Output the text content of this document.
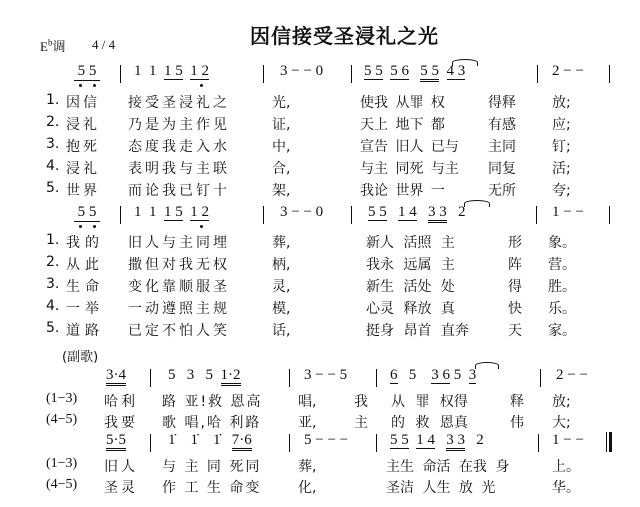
因信接受圣浸礼之光
$E^b$调 4 / 4
5 5	1  1  1 5 1 2	3 − − 0	5 5 5 6 5 5 4 3	2 − −
1. 因信 接受圣浸礼之	光,	使我 从罪 权	得释	放;
2. 浸礼 乃是为主作见	证,	天上 地下 都	有感	应;
3. 抱死 态度我走入水	中,	宣告 旧人 已与 主同	钉;
4. 浸礼 表明我与主联	合,	与主 同死 与主 同复	活;
5. 世界 而论我已钉十	架,	我论 世界 一	无所	夸;
5 5	1  1  1 5 1 2	3 − − 0	5 5 1 4 3 3   2	1 − −
1. 我的 旧人与主同埋	葬,	新人 活照 主	形 象。
2. 从此 撒但对我无权	柄,	我永 远属 主	阵 营。
3. 生命 变化靠顺服圣	灵,	新生 活处 处	得 胜。
4. 一举 一动遵照主规	模,	心灵 释放 真	快 乐。
5. 道路 已定不怕人笑	话,	挺身 昂首 直奔	天 家。
(副歌)
3·4	5   3   5  1·2	3 − − 5	6   5    3 6 5  3	2 − −
(1−3) 哈利 路 亚!救 恩高	唱,	我 从 罪 权得	释 放;
(4−5) 我要 歌 唱,哈 利路	亚,	主 的 救 恩真	伟 大;
5·5	1̇    1̇    1̇   7·6	5 − − −	5 5 1 4 3 3   2	1 − −
(1−3) 旧人 与 主 同 死同	葬,	主生 命活 在我 身	上。
(4−5) 圣灵 作 工 生 命变	化,	圣洁 人生 放 光	华。
